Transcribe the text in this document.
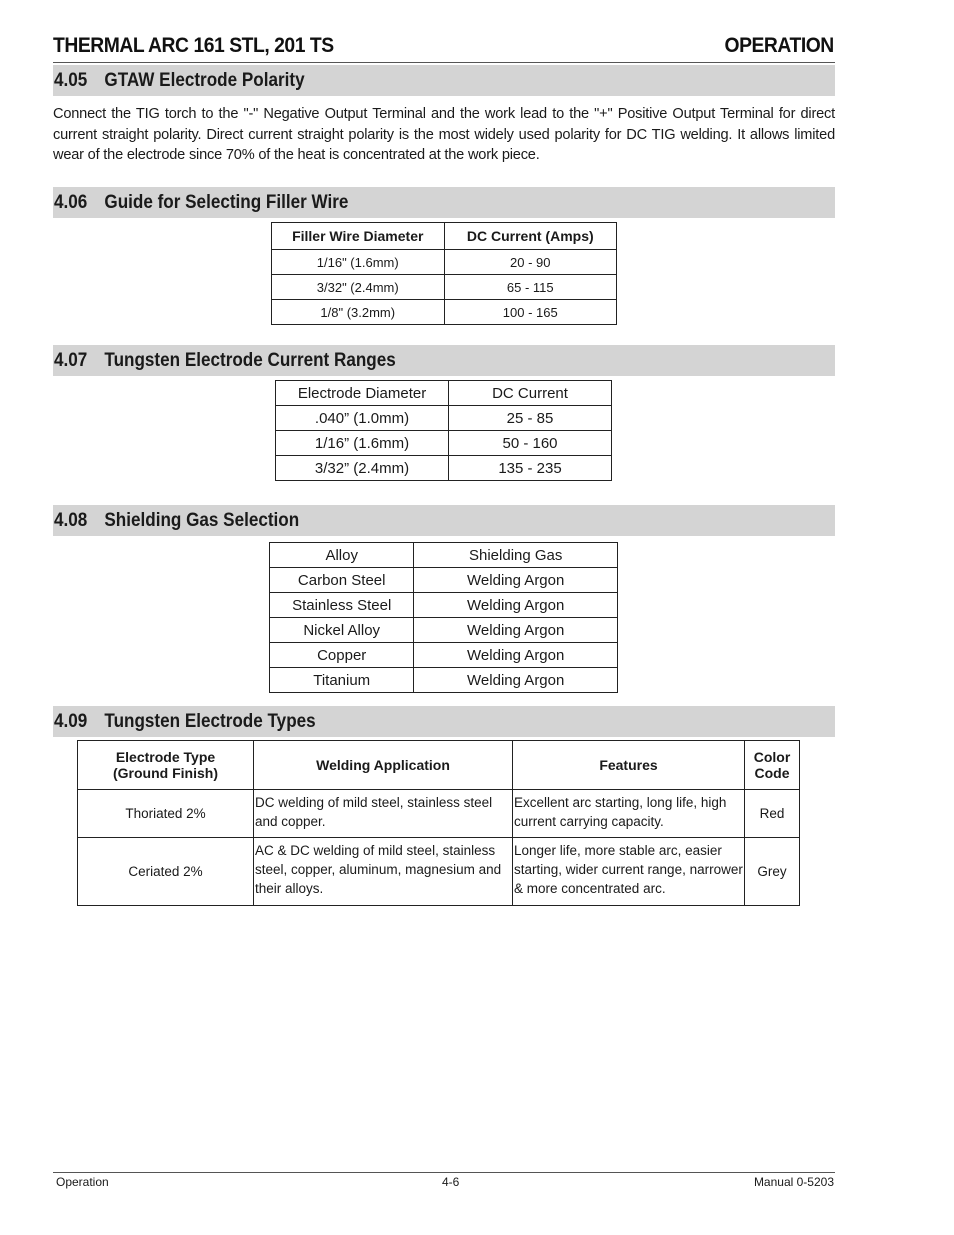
THERMAL ARC 161 STL, 201 TS	OPERATION
4.05 GTAW Electrode Polarity
Connect the TIG torch to the "-" Negative Output Terminal and the work lead to the "+" Positive Output Terminal for direct current straight polarity. Direct current straight polarity is the most widely used polarity for DC TIG welding. It allows limited wear of the electrode since 70% of the heat is concentrated at the work piece.
4.06 Guide for Selecting Filler Wire
Filler Wire Diameter	DC Current (Amps)
1/16" (1.6mm)	20 - 90
3/32" (2.4mm)	65 - 115
1/8" (3.2mm)	100 - 165
4.07 Tungsten Electrode Current Ranges
Electrode Diameter	DC Current
.040” (1.0mm)	25 - 85
1/16” (1.6mm)	50 - 160
3/32” (2.4mm)	135 - 235
4.08 Shielding Gas Selection
Alloy	Shielding Gas
Carbon Steel	Welding Argon
Stainless Steel	Welding Argon
Nickel Alloy	Welding Argon
Copper	Welding Argon
Titanium	Welding Argon
4.09 Tungsten Electrode Types
Electrode Type (Ground Finish)	Welding Application	Features	Color Code
Thoriated 2%	DC welding of mild steel, stainless steel and copper.	Excellent arc starting, long life, high current carrying capacity.	Red
Ceriated 2%	AC & DC welding of mild steel, stainless steel, copper, aluminum, magnesium and their alloys.	Longer life, more stable arc, easier starting, wider current range, narrower & more concentrated arc.	Grey
Operation	4-6	Manual 0-5203
